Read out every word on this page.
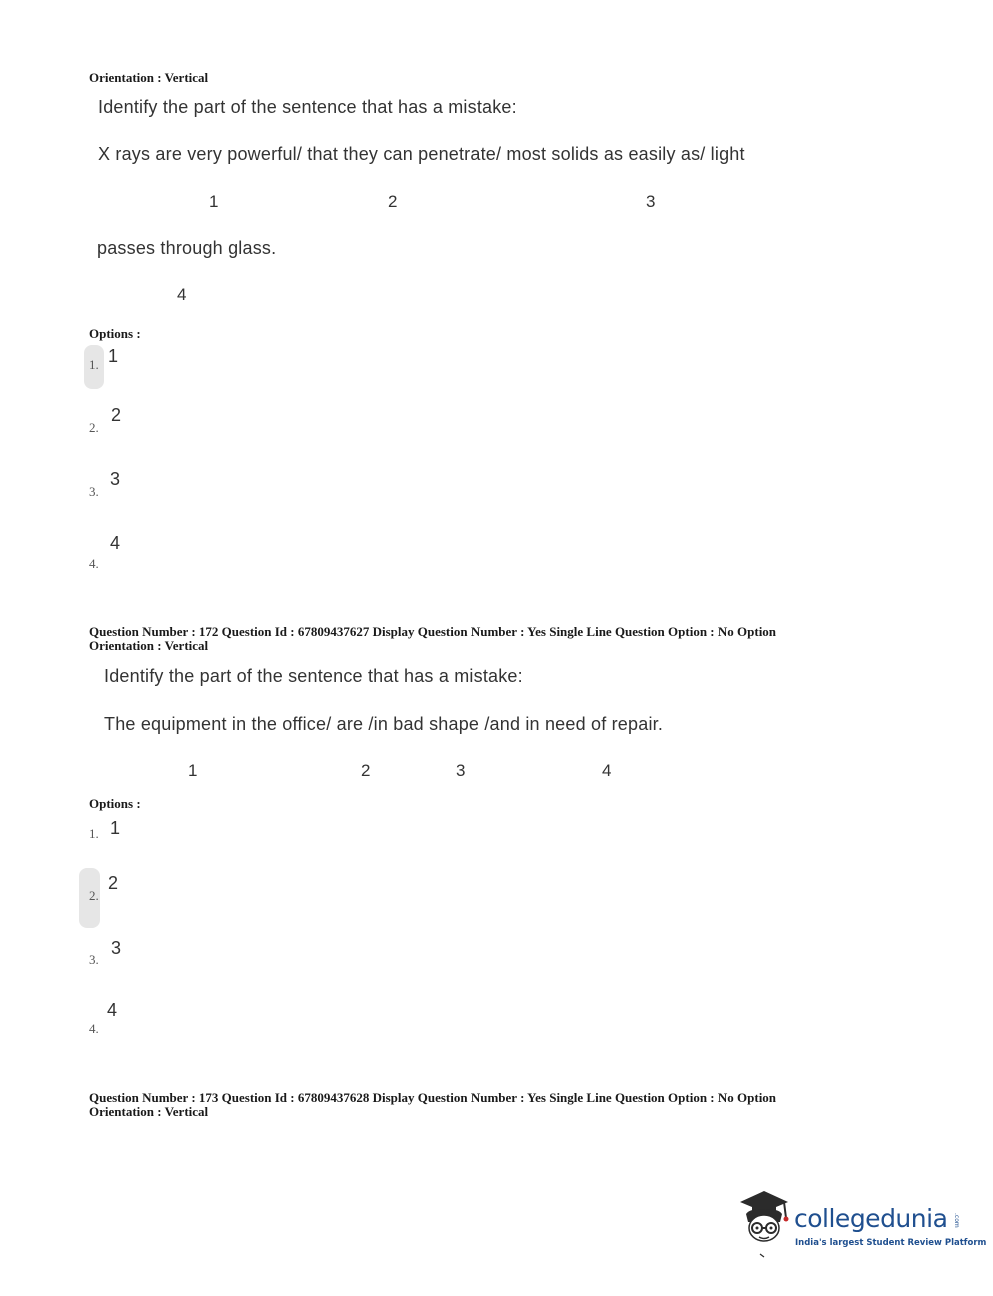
Orientation : Vertical
Identify the part of the sentence that has a mistake:
X rays are very powerful/ that they can penetrate/ most solids as easily as/ light
1	2	3
passes through glass.
4
Options :
1. 1
2.
2
3.
3
4.
4
Question Number : 172 Question Id : 67809437627 Display Question Number : Yes Single Line Question Option : No Option
Orientation : Vertical
Identify the part of the sentence that has a mistake:
The equipment in the office/ are /in bad shape /and in need of repair.
1	2	3	4
Options :
1. 1
2.
2
3.
3
4.
4
Question Number : 173 Question Id : 67809437628 Display Question Number : Yes Single Line Question Option : No Option
Orientation : Vertical
collegedunia .com
India's largest Student Review Platform
